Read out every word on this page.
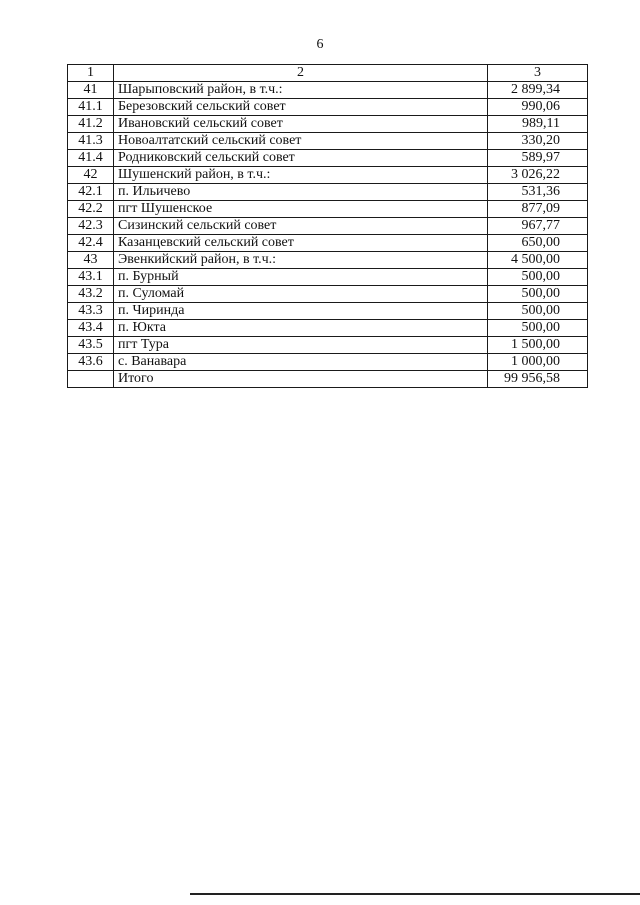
6
1	2	3
41	Шарыповский район, в т.ч.:	2 899,34
41.1	Березовский сельский совет	990,06
41.2	Ивановский сельский совет	989,11
41.3	Новоалтатский сельский совет	330,20
41.4	Родниковский сельский совет	589,97
42	Шушенский район, в т.ч.:	3 026,22
42.1	п. Ильичево	531,36
42.2	пгт Шушенское	877,09
42.3	Сизинский сельский совет	967,77
42.4	Казанцевский сельский совет	650,00
43	Эвенкийский район, в т.ч.:	4 500,00
43.1	п. Бурный	500,00
43.2	п. Суломай	500,00
43.3	п. Чиринда	500,00
43.4	п. Юкта	500,00
43.5	пгт Тура	1 500,00
43.6	с. Ванавара	1 000,00
	Итого	99 956,58
